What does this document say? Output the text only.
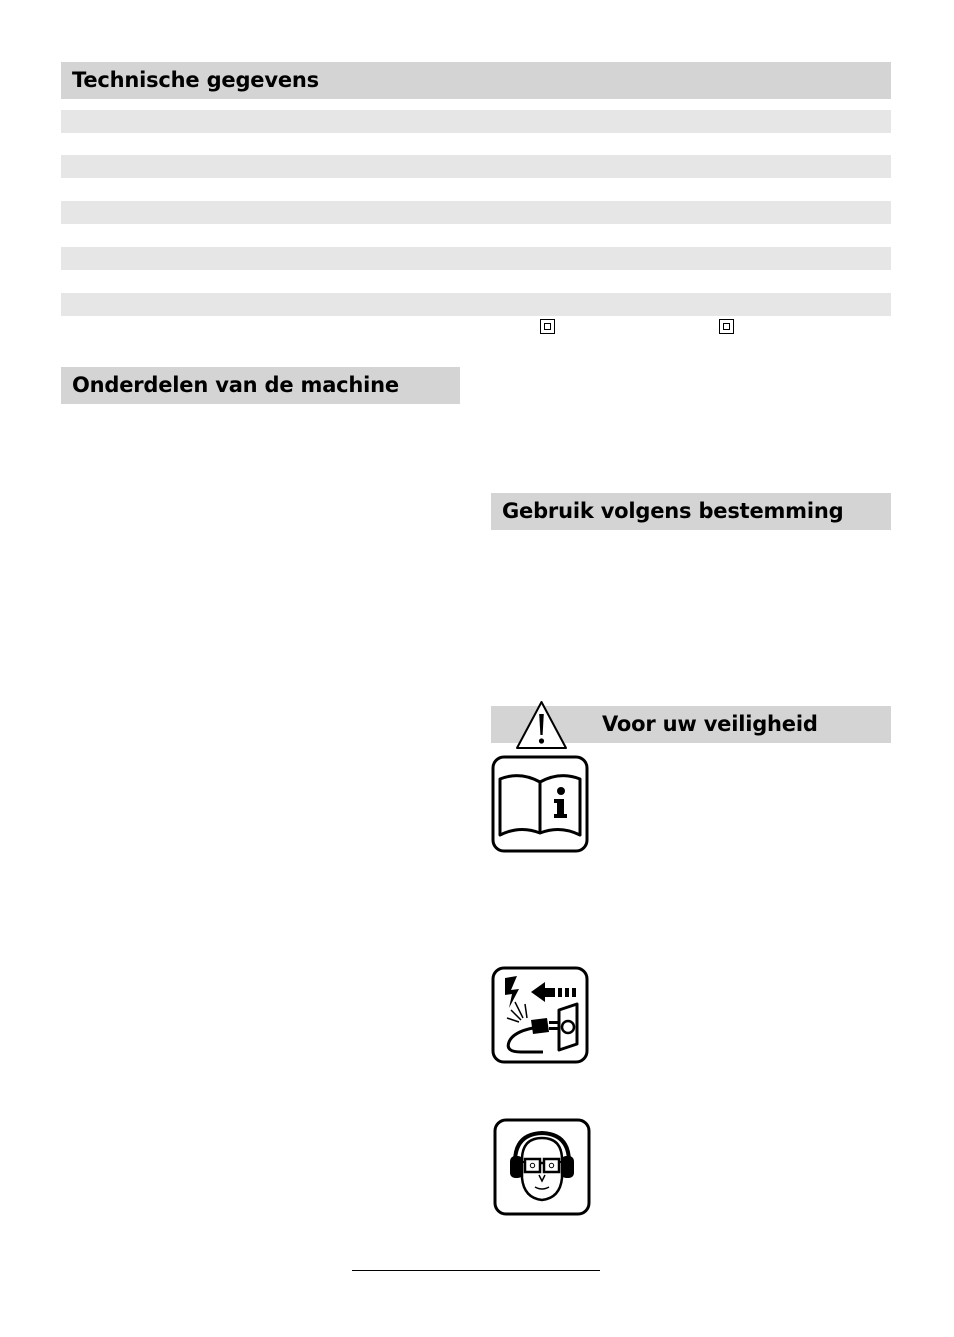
Technische gegevens
Onderdelen van de machine
Gebruik volgens bestemming
Voor uw veiligheid
